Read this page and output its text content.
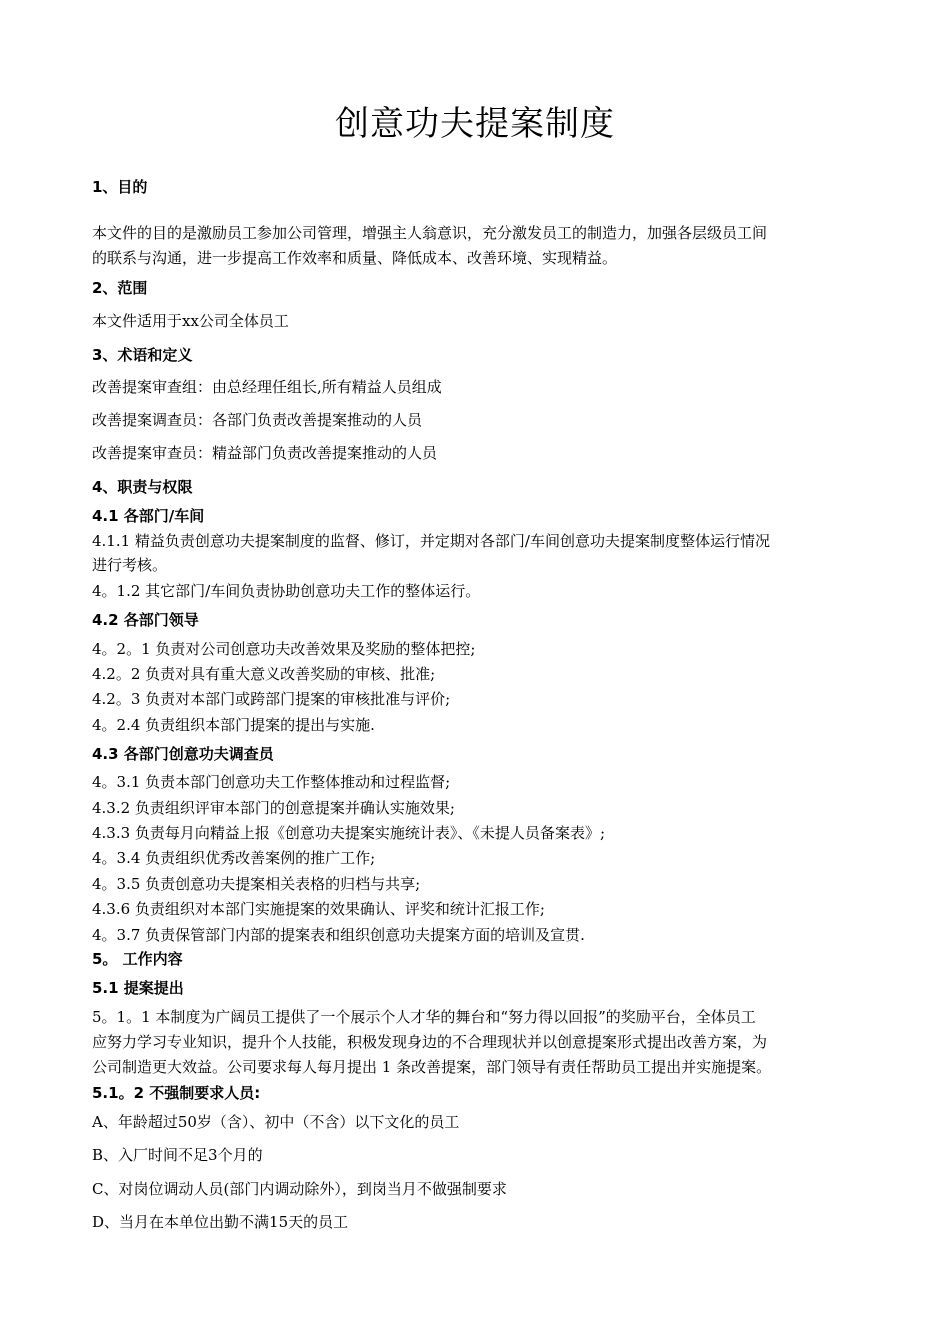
创意功夫提案制度
1、目的
本文件的目的是激励员工参加公司管理，增强主人翁意识，充分激发员工的制造力，加强各层级员工间
的联系与沟通，进一步提高工作效率和质量、降低成本、改善环境、实现精益。
2、范围
本文件适用于xx公司全体员工
3、术语和定义
改善提案审查组：由总经理任组长,所有精益人员组成
改善提案调查员：各部门负责改善提案推动的人员
改善提案审查员：精益部门负责改善提案推动的人员
4、职责与权限
4.1 各部门/车间
4.1.1 精益负责创意功夫提案制度的监督、修订，并定期对各部门/车间创意功夫提案制度整体运行情况
进行考核。
4。1.2 其它部门/车间负责协助创意功夫工作的整体运行。
4.2 各部门领导
4。2。1 负责对公司创意功夫改善效果及奖励的整体把控;
4.2。2 负责对具有重大意义改善奖励的审核、批准;
4.2。3 负责对本部门或跨部门提案的审核批准与评价;
4。2.4 负责组织本部门提案的提出与实施.
4.3 各部门创意功夫调查员
4。3.1 负责本部门创意功夫工作整体推动和过程监督;
4.3.2 负责组织评审本部门的创意提案并确认实施效果;
4.3.3 负责每月向精益上报《创意功夫提案实施统计表》、《未提人员备案表》;
4。3.4 负责组织优秀改善案例的推广工作;
4。3.5 负责创意功夫提案相关表格的归档与共享;
4.3.6 负责组织对本部门实施提案的效果确认、评奖和统计汇报工作;
4。3.7 负责保管部门内部的提案表和组织创意功夫提案方面的培训及宣贯.
5。 工作内容
5.1 提案提出
5。1。1 本制度为广阔员工提供了一个展示个人才华的舞台和“努力得以回报”的奖励平台，全体员工
应努力学习专业知识，提升个人技能，积极发现身边的不合理现状并以创意提案形式提出改善方案，为
公司制造更大效益。公司要求每人每月提出 1 条改善提案，部门领导有责任帮助员工提出并实施提案。
5.1。2 不强制要求人员:
A、年龄超过50岁（含）、初中（不含）以下文化的员工
B、入厂时间不足3个月的
C、对岗位调动人员(部门内调动除外），到岗当月不做强制要求
D、当月在本单位出勤不满15天的员工
